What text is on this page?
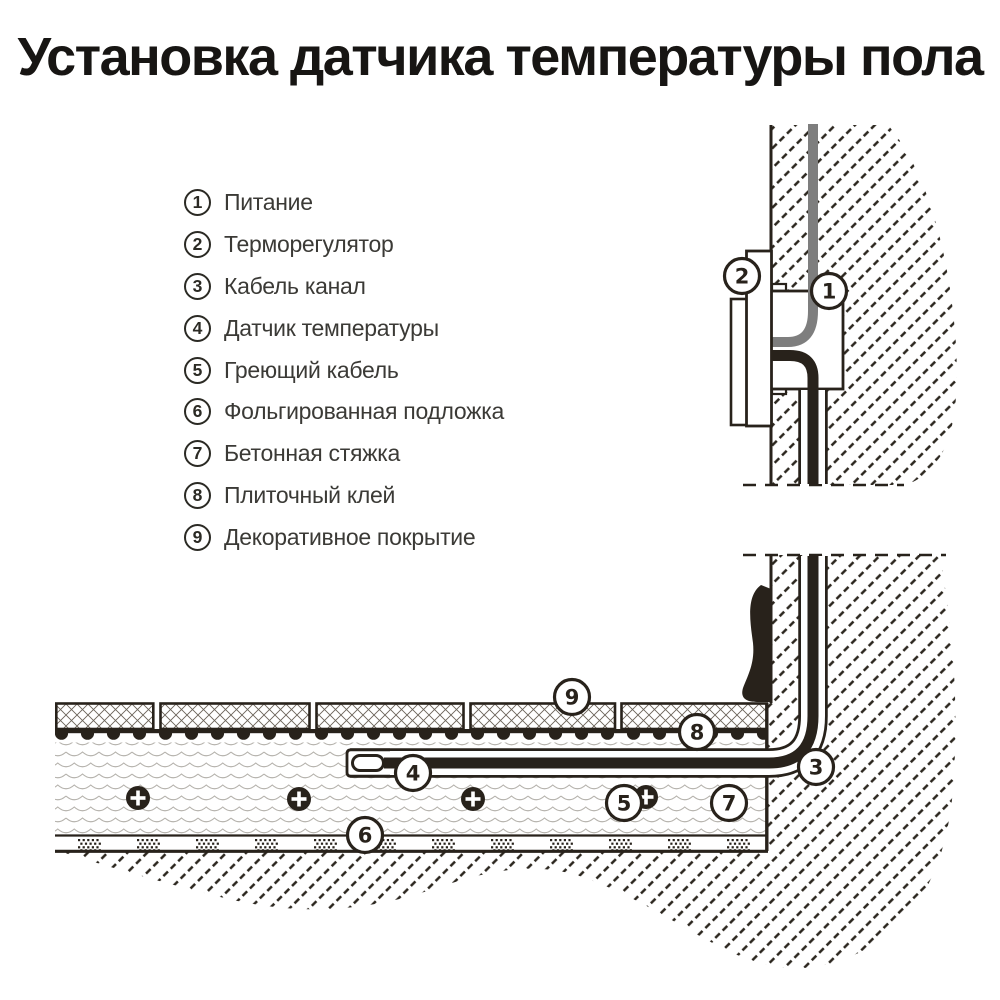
Установка датчика температуры пола
1 Питание
2 Терморегулятор
3 Кабель канал
4 Датчик температуры
5 Греющий кабель
6 Фольгированная подложка
7 Бетонная стяжка
8 Плиточный клей
9 Декоративное покрытие
1
2
3
4
5
6
7
8
9
